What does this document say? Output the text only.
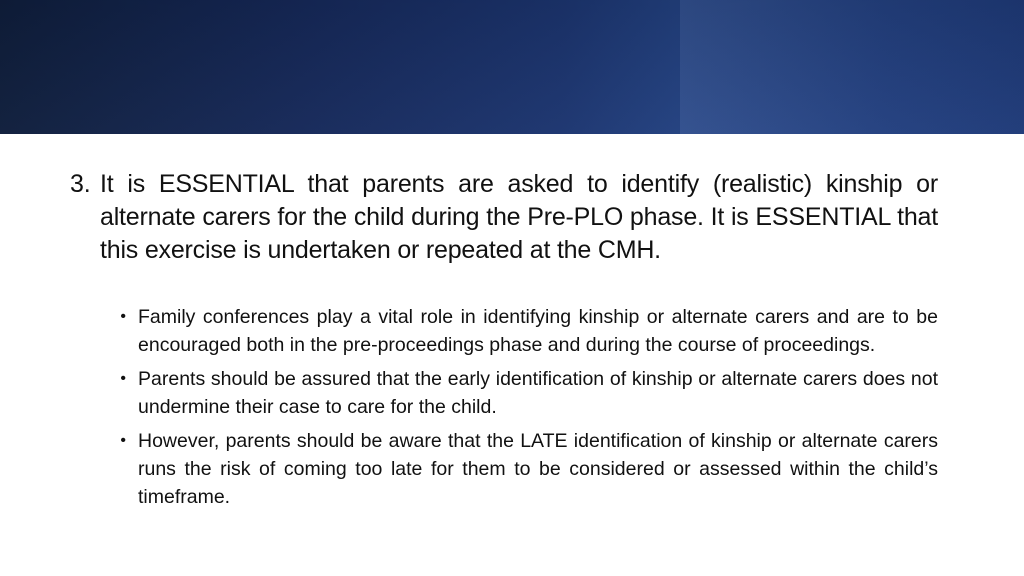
3. It is ESSENTIAL that parents are asked to identify (realistic) kinship or alternate carers for the child during the Pre-PLO phase. It is ESSENTIAL that this exercise is undertaken or repeated at the CMH.
• Family conferences play a vital role in identifying kinship or alternate carers and are to be encouraged both in the pre-proceedings phase and during the course of proceedings.
• Parents should be assured that the early identification of kinship or alternate carers does not undermine their case to care for the child.
• However, parents should be aware that the LATE identification of kinship or alternate carers runs the risk of coming too late for them to be considered or assessed within the child’s timeframe.
